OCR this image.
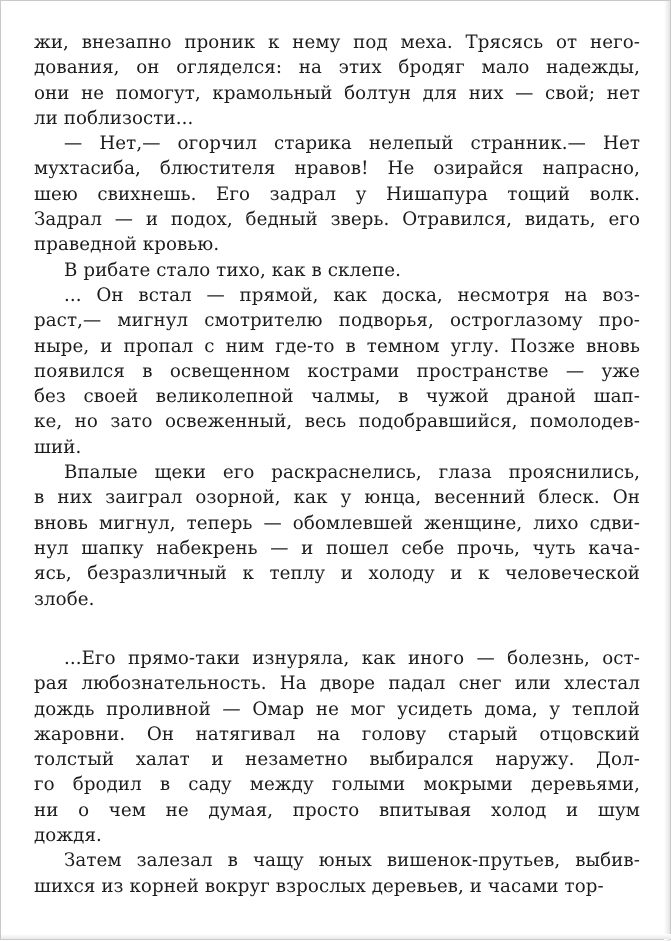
жи, внезапно проник к нему под меха. Трясясь от него-
дования, он огляделся: на этих бродяг мало надежды,
они не помогут, крамольный болтун для них — свой; нет
ли поблизости...

— Нет,— огорчил старика нелепый странник.— Нет
мухтасиба, блюстителя нравов! Не озирайся напрасно,
шею свихнешь. Его задрал у Нишапура тощий волк.
Задрал — и подох, бедный зверь. Отравился, видать, его
праведной кровью.

В рибате стало тихо, как в склепе.

... Он встал — прямой, как доска, несмотря на воз-
раст,— мигнул смотрителю подворья, остроглазому про-
ныре, и пропал с ним где-то в темном углу. Позже вновь
появился в освещенном кострами пространстве — уже
без своей великолепной чалмы, в чужой драной шап-
ке, но зато освеженный, весь подобравшийся, помолодев-
ший.

Впалые щеки его раскраснелись, глаза прояснились,
в них заиграл озорной, как у юнца, весенний блеск. Он
вновь мигнул, теперь — обомлевшей женщине, лихо сдви-
нул шапку набекрень — и пошел себе прочь, чуть кача-
ясь, безразличный к теплу и холоду и к человеческой
злобе.

...Его прямо-таки изнуряла, как иного — болезнь, ост-
рая любознательность. На дворе падал снег или хлестал
дождь проливной — Омар не мог усидеть дома, у теплой
жаровни. Он натягивал на голову старый отцовский
толстый халат и незаметно выбирался наружу. Дол-
го бродил в саду между голыми мокрыми деревьями,
ни о чем не думая, просто впитывая холод и шум
дождя.

Затем залезал в чащу юных вишенок-прутьев, выбив-
шихся из корней вокруг взрослых деревьев, и часами тор-
